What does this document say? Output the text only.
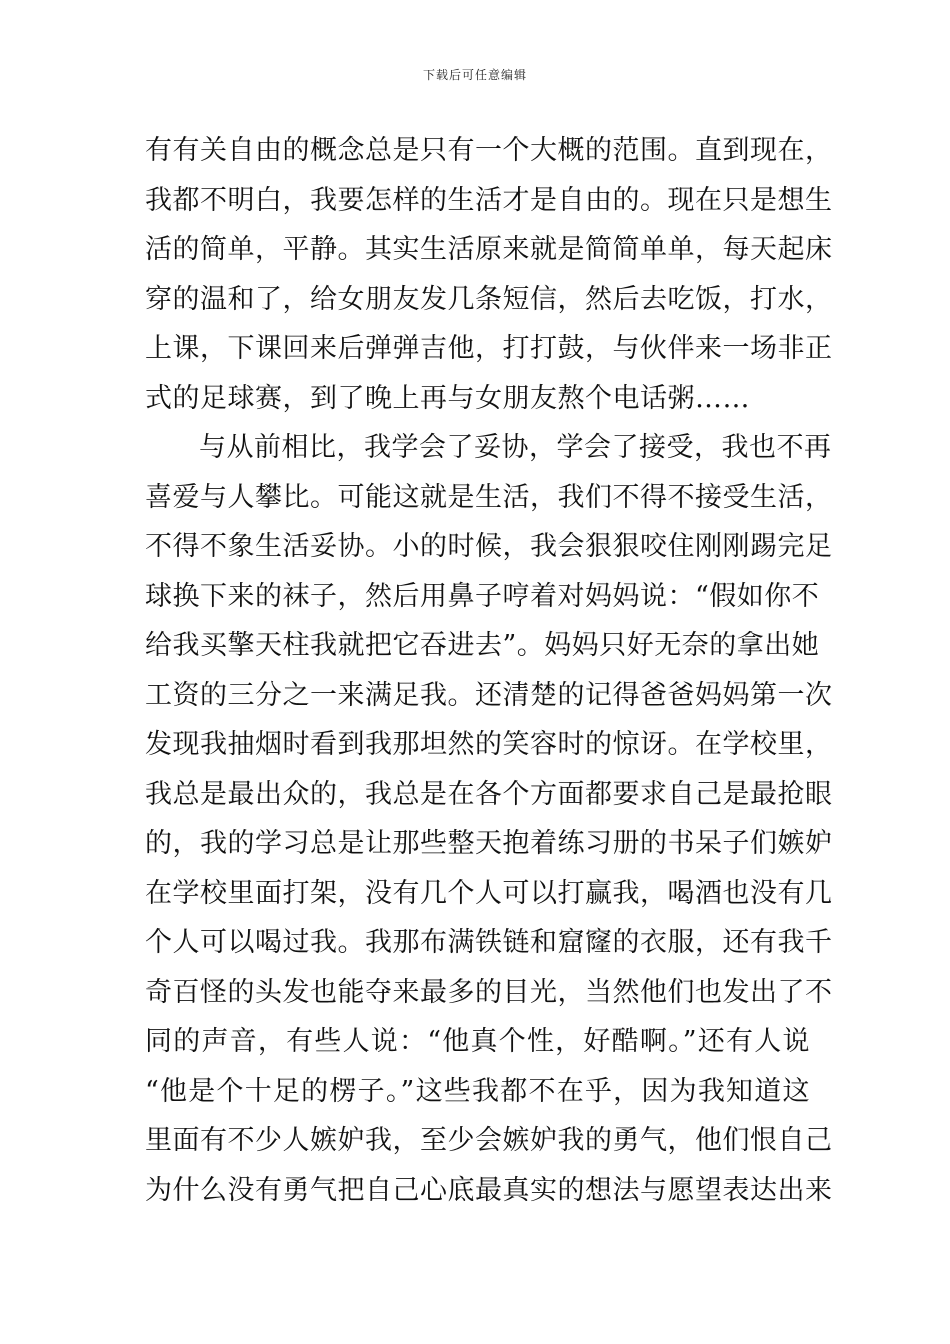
下载后可任意编辑
有有关自由的概念总是只有一个大概的范围。直到现在，
我都不明白，我要怎样的生活才是自由的。现在只是想生
活的简单，平静。其实生活原来就是简简单单，每天起床
穿的温和了，给女朋友发几条短信，然后去吃饭，打水，
上课，下课回来后弹弹吉他，打打鼓，与伙伴来一场非正
式的足球赛，到了晚上再与女朋友熬个电话粥……
与从前相比，我学会了妥协，学会了接受，我也不再
喜爱与人攀比。可能这就是生活，我们不得不接受生活，
不得不象生活妥协。小的时候，我会狠狠咬住刚刚踢完足
球换下来的袜子，然后用鼻子哼着对妈妈说：“假如你不
给我买擎天柱我就把它吞进去”。妈妈只好无奈的拿出她
工资的三分之一来满足我。还清楚的记得爸爸妈妈第一次
发现我抽烟时看到我那坦然的笑容时的惊讶。在学校里，
我总是最出众的，我总是在各个方面都要求自己是最抢眼
的，我的学习总是让那些整天抱着练习册的书呆子们嫉妒
在学校里面打架，没有几个人可以打赢我，喝酒也没有几
个人可以喝过我。我那布满铁链和窟窿的衣服，还有我千
奇百怪的头发也能夺来最多的目光，当然他们也发出了不
同的声音，有些人说：“他真个性，好酷啊。”还有人说
“他是个十足的楞子。”这些我都不在乎，因为我知道这
里面有不少人嫉妒我，至少会嫉妒我的勇气，他们恨自己
为什么没有勇气把自己心底最真实的想法与愿望表达出来
